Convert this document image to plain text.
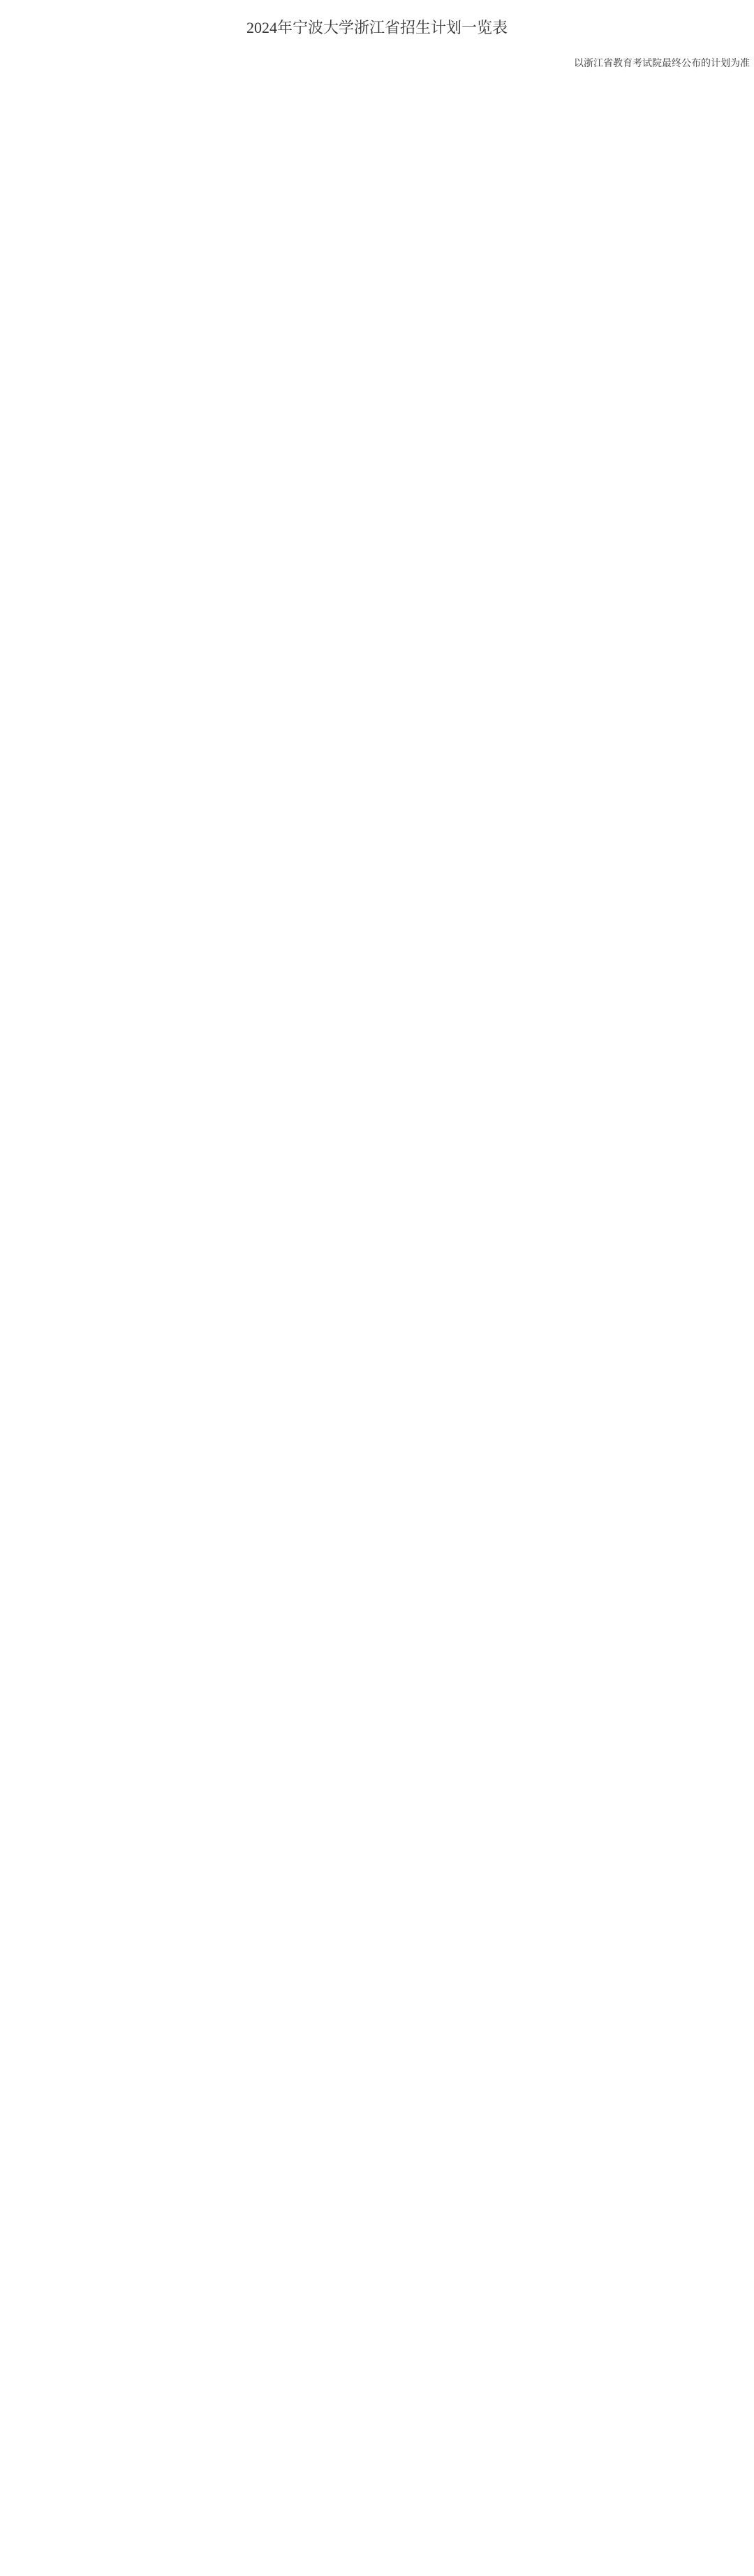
2024年宁波大学浙江省招生计划一览表
以浙江省教育考试院最终公布的计划为准
